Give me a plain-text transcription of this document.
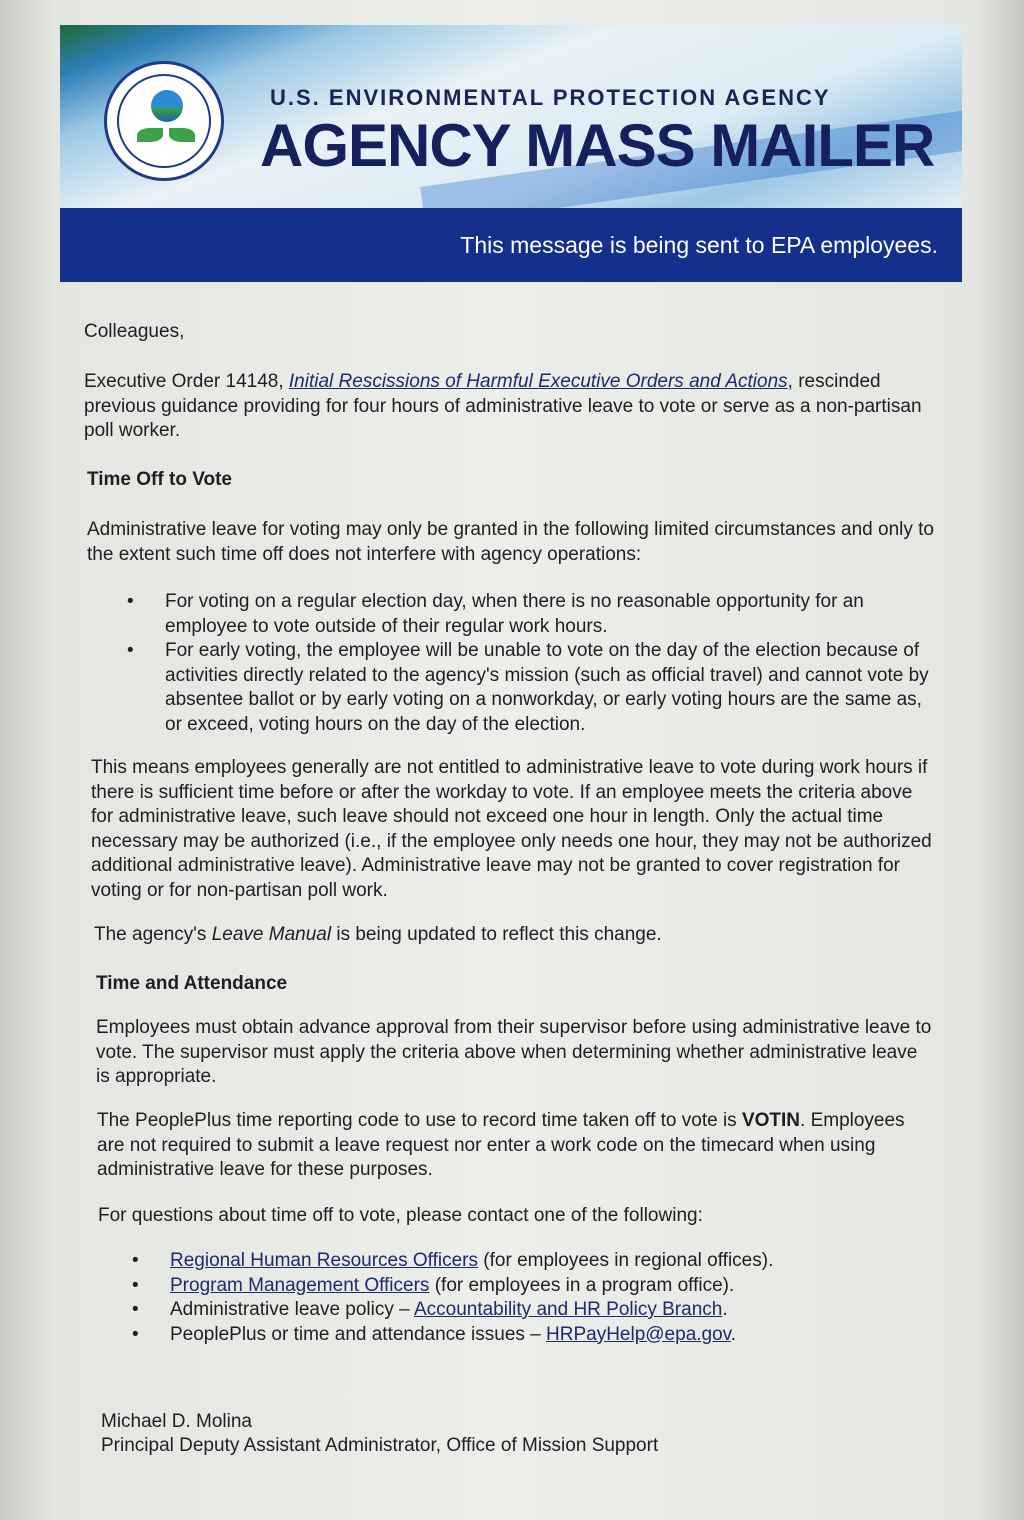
U.S. ENVIRONMENTAL PROTECTION AGENCY
AGENCY MASS MAILER
This message is being sent to EPA employees.
Colleagues,
Executive Order 14148, Initial Rescissions of Harmful Executive Orders and Actions, rescinded previous guidance providing for four hours of administrative leave to vote or serve as a non-partisan poll worker.
Time Off to Vote
Administrative leave for voting may only be granted in the following limited circumstances and only to the extent such time off does not interfere with agency operations:
• For voting on a regular election day, when there is no reasonable opportunity for an employee to vote outside of their regular work hours.
• For early voting, the employee will be unable to vote on the day of the election because of activities directly related to the agency's mission (such as official travel) and cannot vote by absentee ballot or by early voting on a nonworkday, or early voting hours are the same as, or exceed, voting hours on the day of the election.
This means employees generally are not entitled to administrative leave to vote during work hours if there is sufficient time before or after the workday to vote. If an employee meets the criteria above for administrative leave, such leave should not exceed one hour in length. Only the actual time necessary may be authorized (i.e., if the employee only needs one hour, they may not be authorized additional administrative leave). Administrative leave may not be granted to cover registration for voting or for non-partisan poll work.
The agency's Leave Manual is being updated to reflect this change.
Time and Attendance
Employees must obtain advance approval from their supervisor before using administrative leave to vote. The supervisor must apply the criteria above when determining whether administrative leave is appropriate.
The PeoplePlus time reporting code to use to record time taken off to vote is VOTIN. Employees are not required to submit a leave request nor enter a work code on the timecard when using administrative leave for these purposes.
For questions about time off to vote, please contact one of the following:
• Regional Human Resources Officers (for employees in regional offices).
• Program Management Officers (for employees in a program office).
• Administrative leave policy – Accountability and HR Policy Branch.
• PeoplePlus or time and attendance issues – HRPayHelp@epa.gov.
Michael D. Molina
Principal Deputy Assistant Administrator, Office of Mission Support
